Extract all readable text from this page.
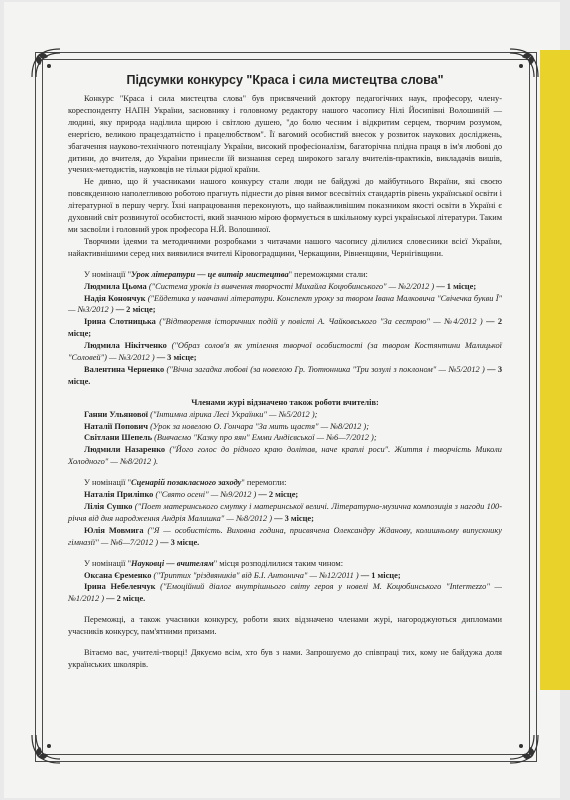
Підсумки конкурсу "Краса і сила мистецтва слова"

Конкурс "Краса і сила мистецтва слова" був присвячений доктору педагогічних наук, професору, члену-кореспонденту НАПН України, засновнику і головному редактору нашого часопису Нілі Йосипівні Волошиній — людині, яку природа наділила щирою і світлою душею, "до болю чесним і відкритим серцем, творчим розумом, енергією, великою працездатністю і працелюбством". Її вагомий особистий внесок у розвиток наукових досліджень, збагачення науково-технічного потенціалу України, високий професіоналізм, багаторічна плідна праця в ім'я любові до дитини, до вчителя, до України принесли їй визнання серед широкого загалу вчителів-практиків, викладачів вишів, учених-методистів, науковців не тільки рідної країни.

Не дивно, що й учасниками нашого конкурсу стали люди не байдужі до майбутнього Вкраїни, які своєю повсякденною наполегливою роботою прагнуть піднести до рівня вимог всесвітніх стандартів рівень української освіти і літературної в першу чергу. Їхні напрацювання переконують, що найважливішим показником якості освіти в Україні є духовний світ розвинутої особистості, який значною мірою формується в шкільному курсі української літератури. Таким ми засвоїли і головний урок професора Н.Й. Волошиної.

Творчими ідеями та методичними розробками з читачами нашого часопису ділилися словесники всієї України, найактивнішими серед них виявилися вчителі Кіровоградщини, Черкащини, Рівненщини, Чернігівщини.

У номінації "Урок літератури — це витвір мистецтва" переможцями стали:

Людмила Цьома ("Система уроків із вивчення творчості Михайла Коцюбинського" — №2/2012 ) — 1 місце;

Надія Конончук ("Ейдетика у навчанні літератури. Конспект уроку за твором Івана Малковича "Свічечка букви Ї" — №3/2012 ) — 2 місце;

Ірина Слотницька ("Відтворення історичних подій у повісті А. Чайковського "За сестрою" — №4/2012 ) — 2 місце;

Людмила Нікітченко ("Образ солов'я як утілення творчої особистості (за твором Костянтини Малицької "Соловей") — №3/2012 ) — 3 місце;

Валентина Черненко ("Вічна загадка любові (за новелою Гр. Тютюнника "Три зозулі з поклоном" — №5/2012 ) — 3 місце.

Членами журі відзначено також роботи вчителів:

Ганни Ульянової ("Інтимна лірика Лесі Українки" — №5/2012 );

Наталії Попович (Урок за новелою О. Гончара "За мить щастя" — №8/2012 );

Світлани Шепель (Вивчаємо "Казку про яян" Емми Андієвської — №6—7/2012 );

Людмили Назаренко ("Його голос до рідного краю долітав, наче краплі роси". Життя і творчість Миколи Холодного" — №8/2012 ).

У номінації "Сценарій позакласного заходу" перемогли:

Наталія Приліпко ("Свято осені" — №9/2012 ) — 2 місце;

Лілія Сушко ("Поет материнського смутку і материнської величі. Літературно-музична композиція з нагоди 100-річчя від дня народження Андрія Малишка" — №8/2012 ) — 3 місце;

Юлія Мовмига ("Я — особистість. Виховна година, присвячена Олександру Жданову, колишньому випускнику гімназії" — №6—7/2012 ) — 3 місце.

У номінації "Науковці — вчителям" місця розподілилися таким чином:

Оксана Єременко ("Триптих "різдвяників" від Б.І. Антонича" — №12/2011 ) — 1 місце;

Ірина Небеленчук ("Емоційний діалог внутрішнього світу героя у новелі М. Коцюбинського "Intermezzo" — №1/2012 ) — 2 місце.

Переможці, а також учасники конкурсу, роботи яких відзначено членами журі, нагороджуються дипломами учасників конкурсу, пам'ятними призами.

Вітаємо вас, учителі-творці! Дякуємо всім, хто був з нами. Запрошуємо до співпраці тих, кому не байдужа доля українських школярів.
